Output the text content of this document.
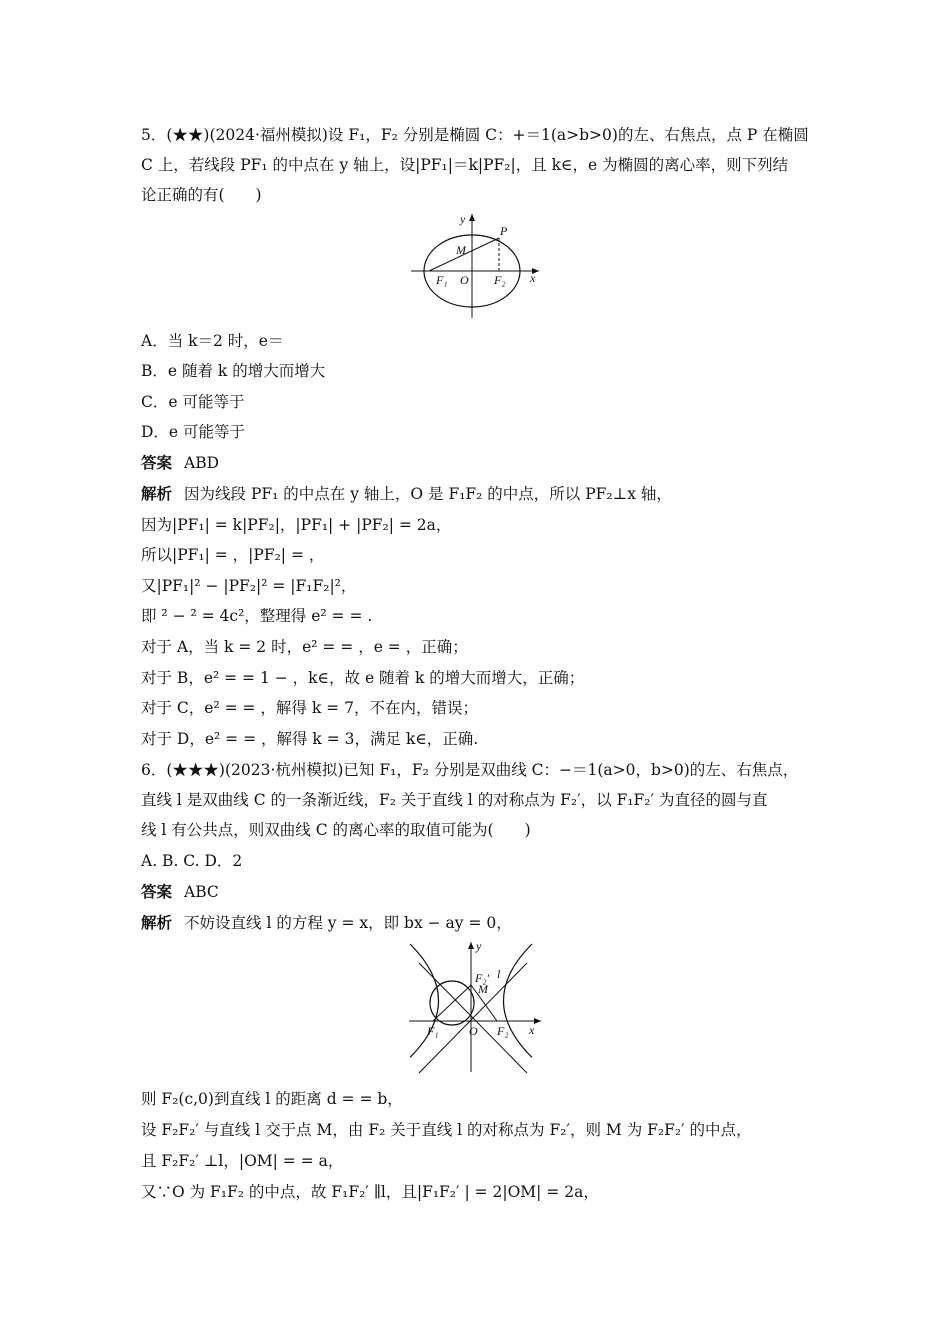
5．(★★)(2024·福州模拟)设 F₁，F₂ 分别是椭圆 C：+＝1(a>b>0)的左、右焦点，点 P 在椭圆
C 上，若线段 PF₁ 的中点在 y 轴上，设|PF₁|＝k|PF₂|，且 k∈，e 为椭圆的离心率，则下列结
论正确的有(　　)
y
x
P
M
F₁ O F₂
A．当 k＝2 时，e＝
B．e 随着 k 的增大而增大
C．e 可能等于
D．e 可能等于
答案 ABD
解析 因为线段 PF₁ 的中点在 y 轴上，O 是 F₁F₂ 的中点，所以 PF₂⊥x 轴，
因为|PF₁| = k|PF₂|，|PF₁| + |PF₂| = 2a，
所以|PF₁| = ，|PF₂| = ，
又|PF₁|² − |PF₂|² = |F₁F₂|²，
即 ² − ² = 4c²，整理得 e² = = .
对于 A，当 k = 2 时，e² = = ，e = ，正确；
对于 B，e² = = 1 − ，k∈，故 e 随着 k 的增大而增大，正确；
对于 C，e² = = ，解得 k = 7，不在内，错误；
对于 D，e² = = ，解得 k = 3，满足 k∈，正确.
6．(★★★)(2023·杭州模拟)已知 F₁，F₂ 分别是双曲线 C：−＝1(a>0，b>0)的左、右焦点，
直线 l 是双曲线 C 的一条渐近线，F₂ 关于直线 l 的对称点为 F₂′，以 F₁F₂′ 为直径的圆与直
线 l 有公共点，则双曲线 C 的离心率的取值可能为(　　)
A. B. C. D．2
答案 ABC
解析 不妨设直线 l 的方程 y = x，即 bx − ay = 0，
y
x
F₂′ l
M
F₁	O F₂
则 F₂(c,0)到直线 l 的距离 d = = b，
设 F₂F₂′ 与直线 l 交于点 M，由 F₂ 关于直线 l 的对称点为 F₂′，则 M 为 F₂F₂′ 的中点，
且 F₂F₂′ ⊥l，|OM| = = a，
又∵O 为 F₁F₂ 的中点，故 F₁F₂′ ∥l，且|F₁F₂′ | = 2|OM| = 2a，
